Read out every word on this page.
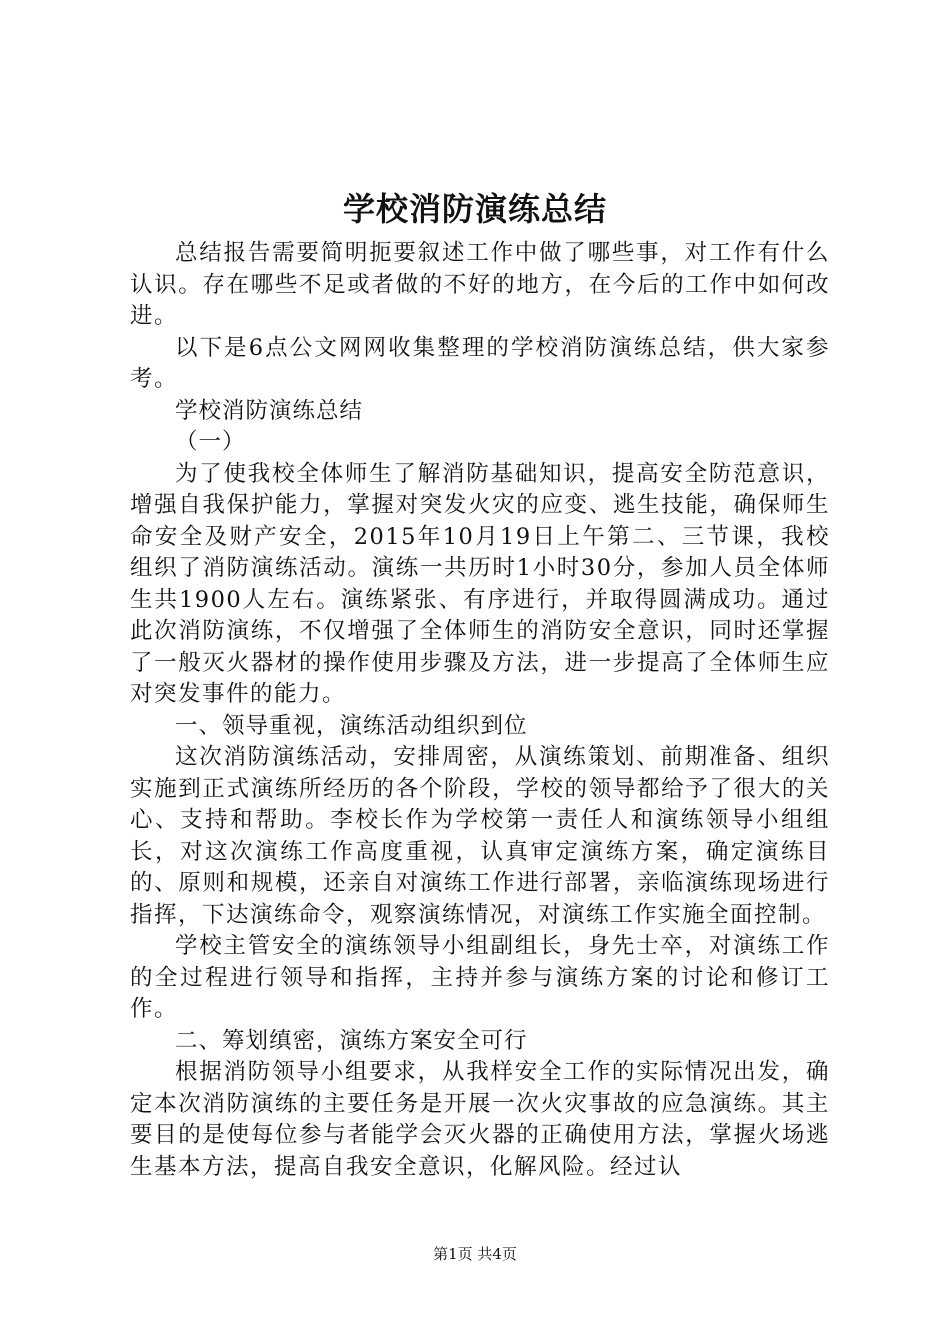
学校消防演练总结

总结报告需要简明扼要叙述工作中做了哪些事，对工作有什么认识。存在哪些不足或者做的不好的地方，在今后的工作中如何改进。

以下是6点公文网网收集整理的学校消防演练总结，供大家参考。

学校消防演练总结

（一）

为了使我校全体师生了解消防基础知识，提高安全防范意识，增强自我保护能力，掌握对突发火灾的应变、逃生技能，确保师生命安全及财产安全，2015年10月19日上午第二、三节课，我校组织了消防演练活动。演练一共历时1小时30分，参加人员全体师生共1900人左右。演练紧张、有序进行，并取得圆满成功。通过此次消防演练，不仅增强了全体师生的消防安全意识，同时还掌握了一般灭火器材的操作使用步骤及方法，进一步提高了全体师生应对突发事件的能力。

一、领导重视，演练活动组织到位

这次消防演练活动，安排周密，从演练策划、前期准备、组织实施到正式演练所经历的各个阶段，学校的领导都给予了很大的关心、支持和帮助。李校长作为学校第一责任人和演练领导小组组长，对这次演练工作高度重视，认真审定演练方案，确定演练目的、原则和规模，还亲自对演练工作进行部署，亲临演练现场进行指挥，下达演练命令，观察演练情况，对演练工作实施全面控制。

学校主管安全的演练领导小组副组长，身先士卒，对演练工作的全过程进行领导和指挥，主持并参与演练方案的讨论和修订工作。

二、筹划缜密，演练方案安全可行

根据消防领导小组要求，从我样安全工作的实际情况出发，确定本次消防演练的主要任务是开展一次火灾事故的应急演练。其主要目的是使每位参与者能学会灭火器的正确使用方法，掌握火场逃生基本方法，提高自我安全意识，化解风险。经过认

第1页 共4页
